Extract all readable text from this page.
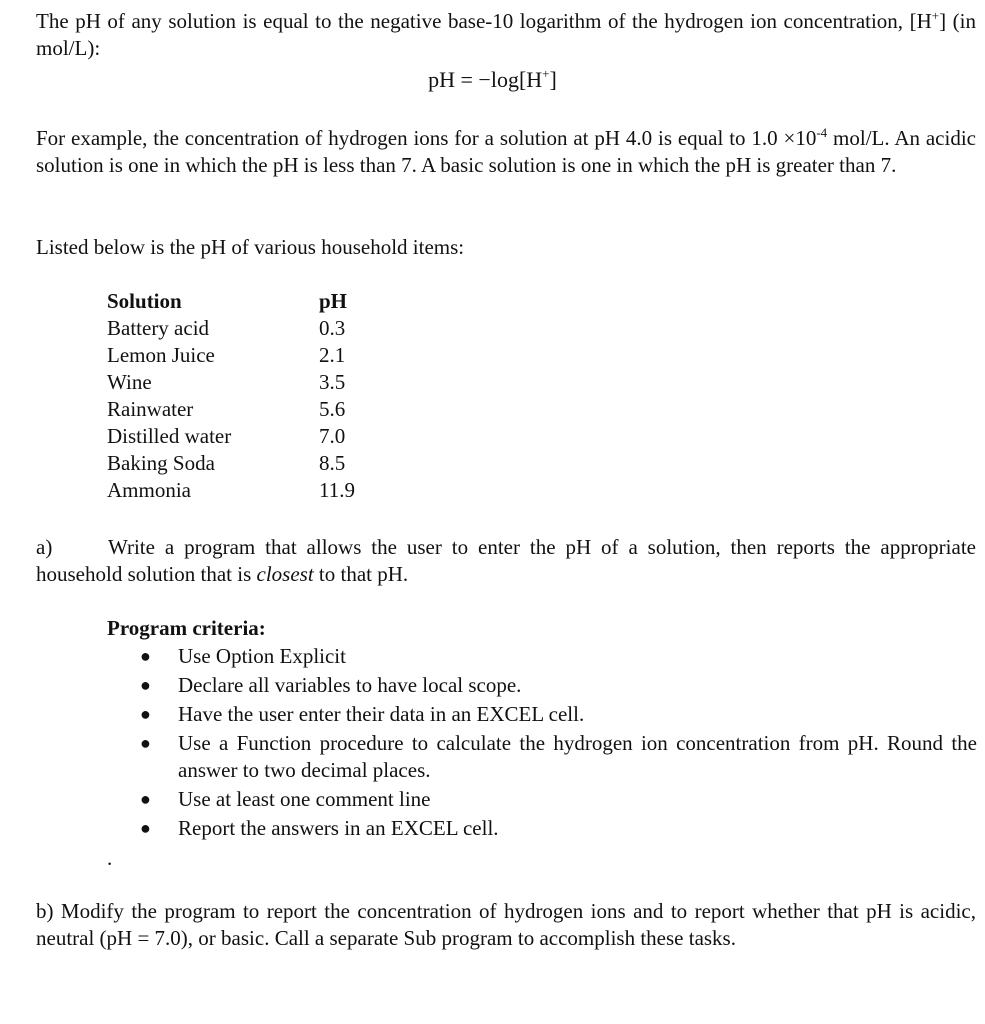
The pH of any solution is equal to the negative base-10 logarithm of the hydrogen ion concentration, [H+] (in mol/L):
pH = −log[H+]
For example, the concentration of hydrogen ions for a solution at pH 4.0 is equal to $1.0 \times 10^{-4}$ mol/L. An acidic solution is one in which the pH is less than 7. A basic solution is one in which the pH is greater than 7.
Listed below is the pH of various household items:
Solution	pH
Battery acid	0.3
Lemon Juice	2.1
Wine	3.5
Rainwater	5.6
Distilled water	7.0
Baking Soda	8.5
Ammonia	11.9
a)	Write a program that allows the user to enter the pH of a solution, then reports the appropriate household solution that is closest to that pH.
Program criteria:
● Use Option Explicit
● Declare all variables to have local scope.
● Have the user enter their data in an EXCEL cell.
● Use a Function procedure to calculate the hydrogen ion concentration from pH. Round the answer to two decimal places.
● Use at least one comment line
● Report the answers in an EXCEL cell.
.
b) Modify the program to report the concentration of hydrogen ions and to report whether that pH is acidic, neutral (pH = 7.0), or basic. Call a separate Sub program to accomplish these tasks.
